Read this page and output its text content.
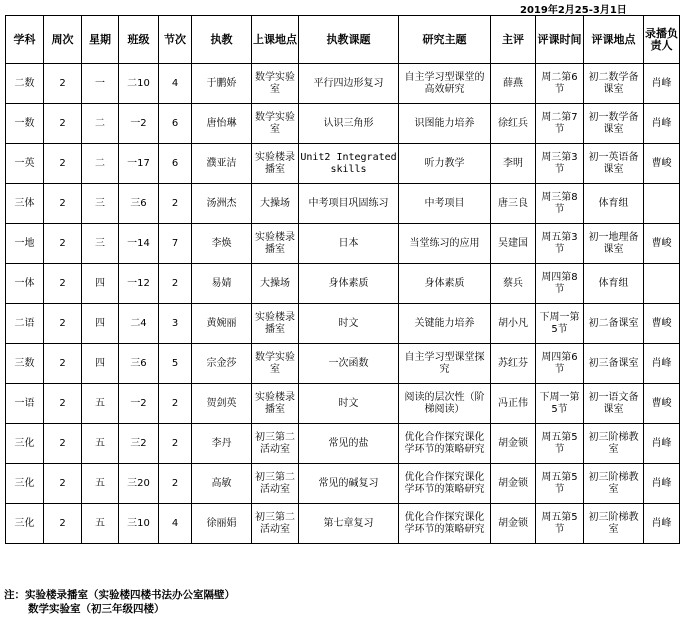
2019年2月25-3月1日
学科	周次	星期	班级	节次	执教	上课地点	执教课题	研究主题	主评	评课时间	评课地点	录播负责人
二数	2	一	二10	4	于鹏娇	数学实验室	平行四边形复习	自主学习型课堂的高效研究	薛燕	周二第6节	初二数学备课室	肖峰
一数	2	二	一2	6	唐怡琳	数学实验室	认识三角形	识图能力培养	徐红兵	周二第7节	初一数学备课室	肖峰
一英	2	二	一17	6	濮亚洁	实验楼录播室	Unit2 Integrated skills	听力教学	李明	周三第3节	初一英语备课室	曹峻
三体	2	三	三6	2	汤洲杰	大操场	中考项目巩固练习	中考项目	唐三良	周三第8节	体育组	
一地	2	三	一14	7	李焕	实验楼录播室	日本	当堂练习的应用	吴建国	周五第3节	初一地理备课室	曹峻
一体	2	四	一12	2	易婧	大操场	身体素质	身体素质	蔡兵	周四第8节	体育组	
二语	2	四	二4	3	黄婉丽	实验楼录播室	时文	关键能力培养	胡小凡	下周一第5节	初二备课室	曹峻
三数	2	四	三6	5	宗金莎	数学实验室	一次函数	自主学习型课堂探究	苏红芬	周四第6节	初三备课室	肖峰
一语	2	五	一2	2	贺剑英	实验楼录播室	时文	阅读的层次性（阶梯阅读）	冯正伟	下周一第5节	初一语文备课室	曹峻
三化	2	五	三2	2	李丹	初三第二活动室	常见的盐	优化合作探究课化学环节的策略研究	胡金锁	周五第5节	初三阶梯教室	肖峰
三化	2	五	三20	2	高敏	初三第二活动室	常见的碱复习	优化合作探究课化学环节的策略研究	胡金锁	周五第5节	初三阶梯教室	肖峰
三化	2	五	三10	4	徐丽娟	初三第二活动室	第七章复习	优化合作探究课化学环节的策略研究	胡金锁	周五第5节	初三阶梯教室	肖峰
注：实验楼录播室（实验楼四楼书法办公室隔壁）
数学实验室（初三年级四楼）
